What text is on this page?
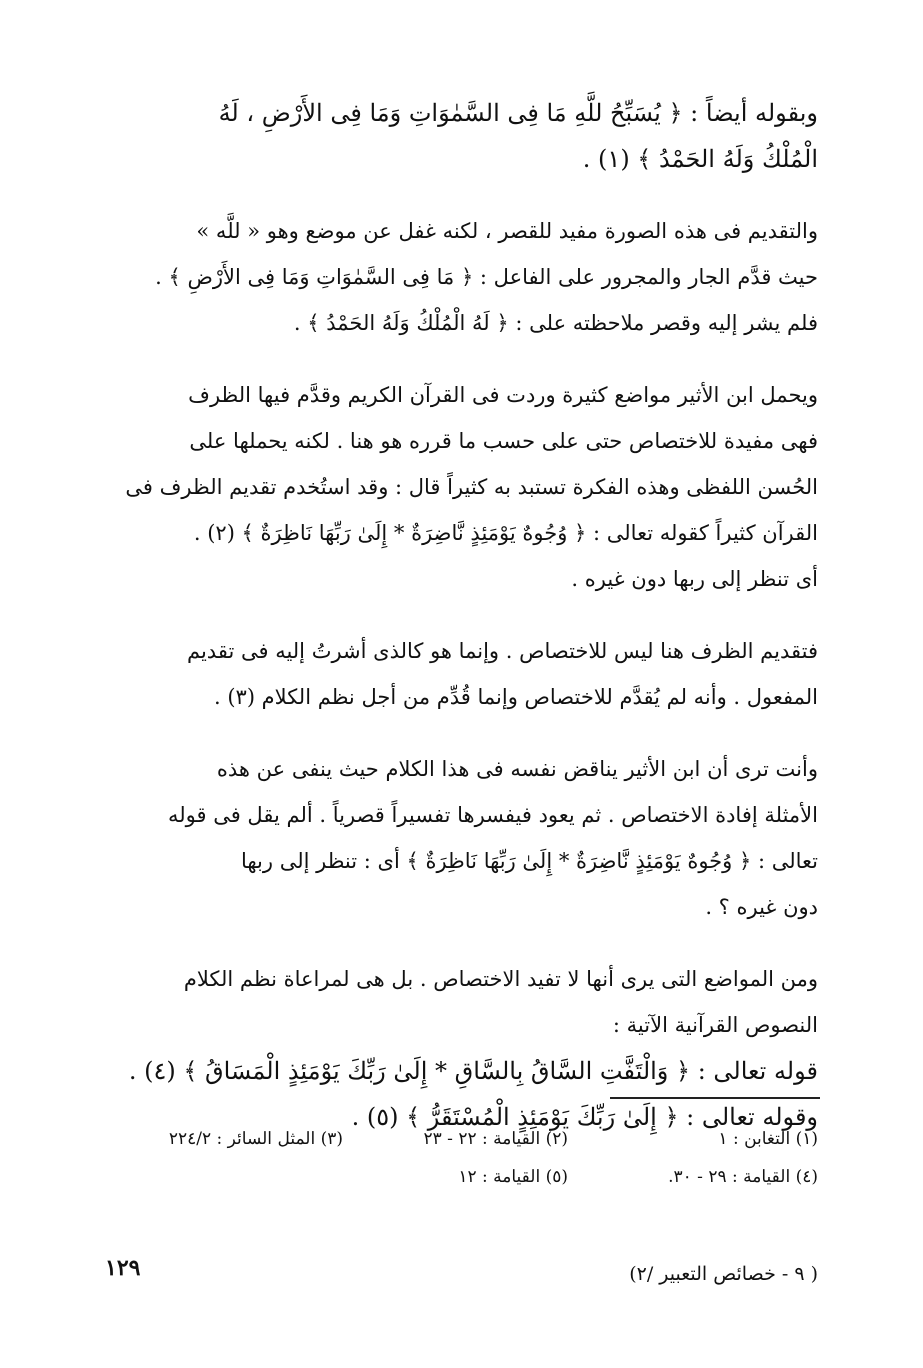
وبقوله أيضاً : ﴿ يُسَبِّحُ للَّهِ مَا فِى السَّمٰوَاتِ وَمَا فِى الأَرْضِ ، لَهُ
الْمُلْكُ وَلَهُ الحَمْدُ ﴾ (١) .

والتقديم فى هذه الصورة مفيد للقصر ، لكنه غفل عن موضع وهو « للَّه »
حيث قدَّم الجار والمجرور على الفاعل : ﴿ مَا فِى السَّمٰوَاتِ وَمَا فِى الأَرْضِ ﴾ .
فلم يشر إليه وقصر ملاحظته على : ﴿ لَهُ الْمُلْكُ وَلَهُ الحَمْدُ ﴾ .

ويحمل ابن الأثير مواضع كثيرة وردت فى القرآن الكريم وقدَّم فيها الظرف
فهى مفيدة للاختصاص حتى على حسب ما قرره هو هنا . لكنه يحملها على
الحُسن اللفظى وهذه الفكرة تستبد به كثيراً قال : وقد استُخدم تقديم الظرف فى
القرآن كثيراً كقوله تعالى : ﴿ وُجُوهٌ يَوْمَئِذٍ نَّاضِرَةٌ * إِلَىٰ رَبِّهَا نَاظِرَةٌ ﴾ (٢) .
أى تنظر إلى ربها دون غيره .

فتقديم الظرف هنا ليس للاختصاص . وإنما هو كالذى أشرتُ إليه فى تقديم
المفعول . وأنه لم يُقدَّم للاختصاص وإنما قُدِّم من أجل نظم الكلام (٣) .

وأنت ترى أن ابن الأثير يناقض نفسه فى هذا الكلام حيث ينفى عن هذه
الأمثلة إفادة الاختصاص . ثم يعود فيفسرها تفسيراً قصرياً . ألم يقل فى قوله
تعالى : ﴿ وُجُوهٌ يَوْمَئِذٍ نَّاضِرَةٌ * إِلَىٰ رَبِّهَا نَاظِرَةٌ ﴾ أى : تنظر إلى ربها
دون غيره ؟ .

ومن المواضع التى يرى أنها لا تفيد الاختصاص . بل هى لمراعاة نظم الكلام
النصوص القرآنية الآتية :
قوله تعالى : ﴿ وَالْتَفَّتِ السَّاقُ بِالسَّاقِ * إِلَىٰ رَبِّكَ يَوْمَئِذٍ الْمَسَاقُ ﴾ (٤) .
وقوله تعالى : ﴿ إِلَىٰ رَبِّكَ يَوْمَئِذٍ الْمُسْتَقَرُّ ﴾ (٥) .

(١) التغابن : ١
(٢) القيامة : ٢٢ - ٢٣
(٣) المثل السائر : ٢٢٤/٢
(٤) القيامة : ٢٩ - ٣٠.
(٥) القيامة : ١٢
( ٩ - خصائص التعبير /٢)
١٢٩
